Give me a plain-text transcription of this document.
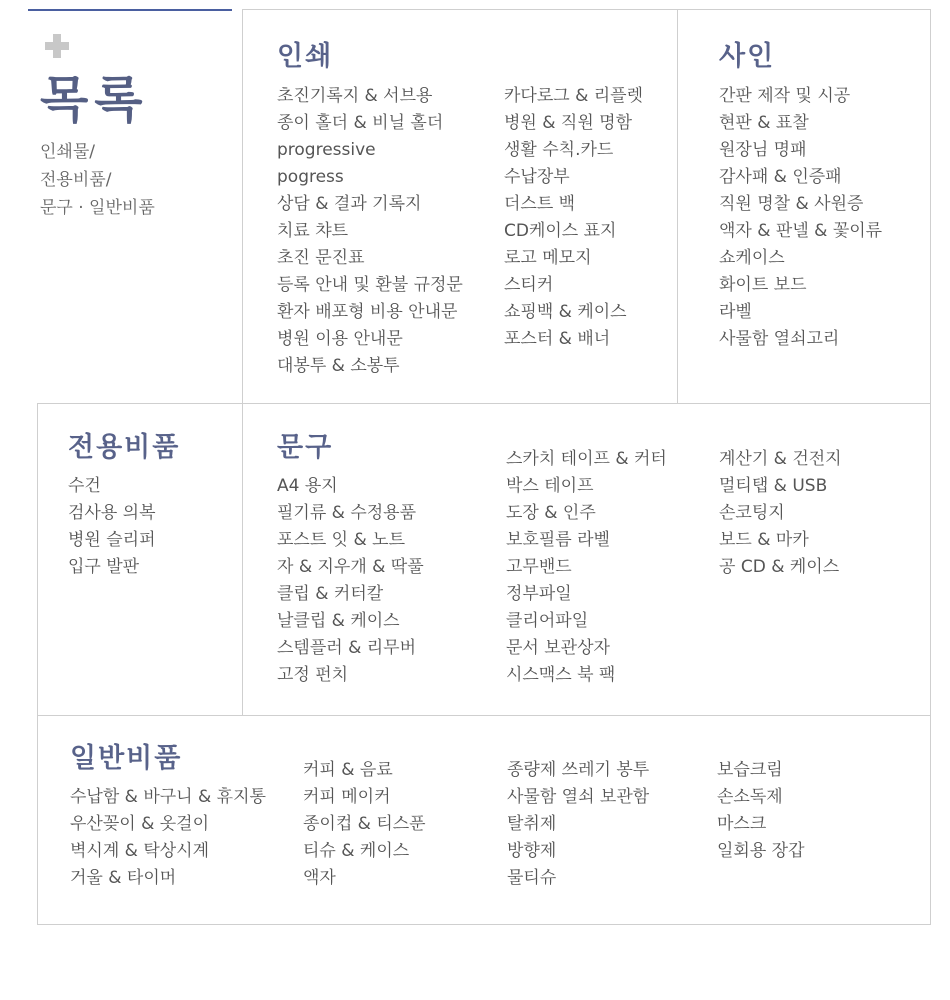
목록
인쇄물/
전용비품/
문구 · 일반비품
인쇄
초진기록지 & 서브용
종이 홀더 & 비닐 홀더
progressive
pogress
상담 & 결과 기록지
치료 챠트
초진 문진표
등록 안내 및 환불 규정문
환자 배포형 비용 안내문
병원 이용 안내문
대봉투 & 소봉투
카다로그 & 리플렛
병원 & 직원 명함
생활 수칙.카드
수납장부
더스트 백
CD케이스 표지
로고 메모지
스티커
쇼핑백 & 케이스
포스터 & 배너
사인
간판 제작 및 시공
현판 & 표찰
원장님 명패
감사패 & 인증패
직원 명찰 & 사원증
액자 & 판넬 & 꽃이류
쇼케이스
화이트 보드
라벨
사물함 열쇠고리
전용비품
수건
검사용 의복
병원 슬리퍼
입구 발판
문구
A4 용지
필기류 & 수정용품
포스트 잇 & 노트
자 & 지우개 & 딱풀
클립 & 커터칼
날클립 & 케이스
스템플러 & 리무버
고정 펀치
스카치 테이프 & 커터
박스 테이프
도장 & 인주
보호필름 라벨
고무밴드
정부파일
클리어파일
문서 보관상자
시스맥스 북 팩
계산기 & 건전지
멀티탭 & USB
손코팅지
보드 & 마카
공 CD & 케이스
일반비품
수납함 & 바구니 & 휴지통
우산꽂이 & 옷걸이
벽시계 & 탁상시계
거울 & 타이머
커피 & 음료
커피 메이커
종이컵 & 티스푼
티슈 & 케이스
액자
종량제 쓰레기 봉투
사물함 열쇠 보관함
탈취제
방향제
물티슈
보습크림
손소독제
마스크
일회용 장갑
